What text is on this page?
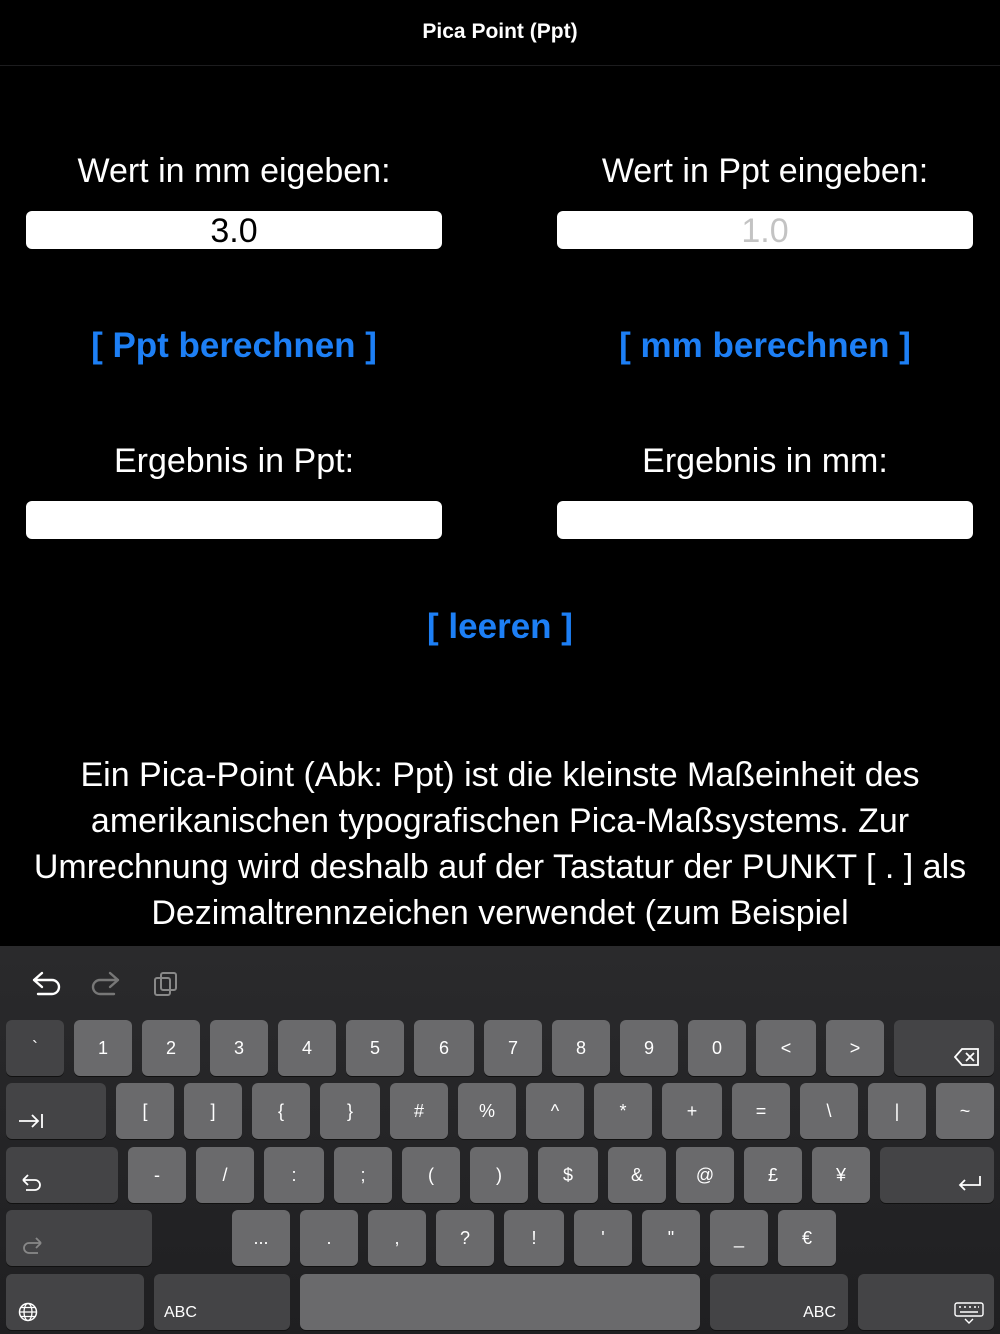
Pica Point (Ppt)
Wert in mm eigeben:
3.0
[ Ppt berechnen ]
Ergebnis in Ppt:
Wert in Ppt eingeben:
1.0
[ mm berechnen ]
Ergebnis in mm:
[ leeren ]
Ein Pica-Point (Abk: Ppt) ist die kleinste Maßeinheit des amerikanischen typografischen Pica-Maßsystems. Zur Umrechnung wird deshalb auf der Tastatur der PUNKT [ . ] als Dezimaltrennzeichen verwendet (zum Beispiel
`	1	2	3	4	5	6	7	8	9	0	<	>
[	]	{	}	#	%	^	*	+	=	\	|	~
-	/	:	;	(	)	$	&	@	£	¥
...	.	,	?	!	'	"	_	€
ABC	ABC
